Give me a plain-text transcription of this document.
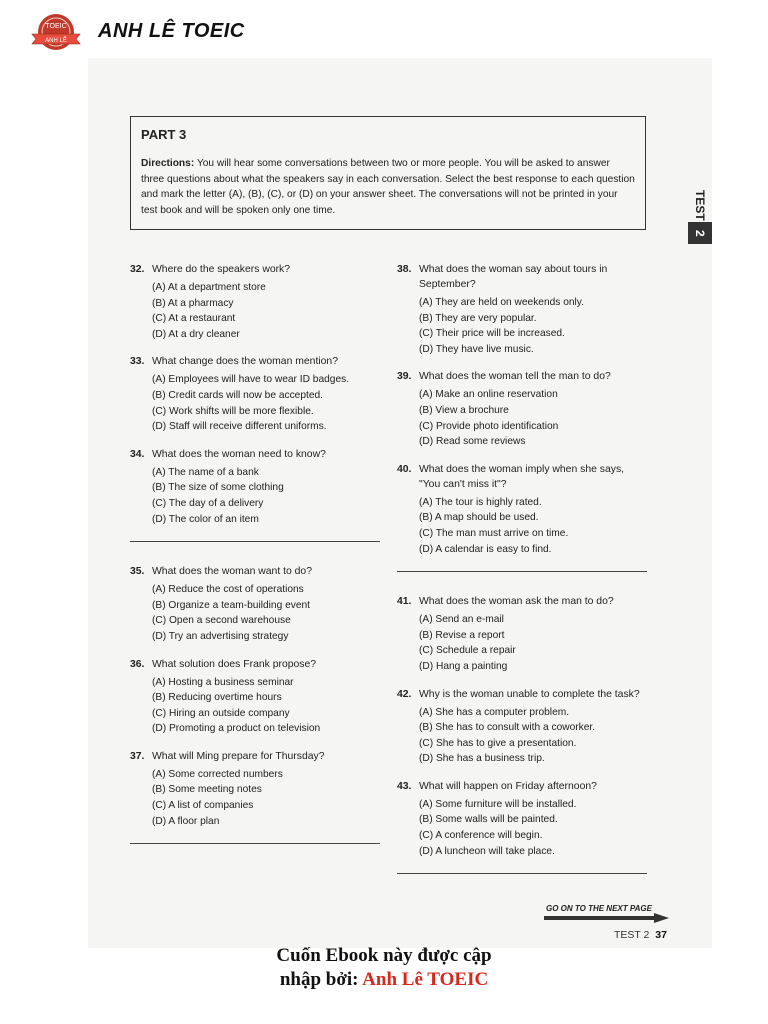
TOEIC
ANH LÊ ANH LÊ TOEIC
PART 3

Directions: You will hear some conversations between two or more people. You will be asked to answer three questions about what the speakers say in each conversation. Select the best response to each question and mark the letter (A), (B), (C), or (D) on your answer sheet. The conversations will not be printed in your test book and will be spoken only one time.	TEST
2
32. Where do the speakers work?
(A) At a department store
(B) At a pharmacy
(C) At a restaurant
(D) At a dry cleaner
33. What change does the woman mention?
(A) Employees will have to wear ID badges.
(B) Credit cards will now be accepted.
(C) Work shifts will be more flexible.
(D) Staff will receive different uniforms.
34. What does the woman need to know?
(A) The name of a bank
(B) The size of some clothing
(C) The day of a delivery
(D) The color of an item
35. What does the woman want to do?
(A) Reduce the cost of operations
(B) Organize a team-building event
(C) Open a second warehouse
(D) Try an advertising strategy
36. What solution does Frank propose?
(A) Hosting a business seminar
(B) Reducing overtime hours
(C) Hiring an outside company
(D) Promoting a product on television
37. What will Ming prepare for Thursday?
(A) Some corrected numbers
(B) Some meeting notes
(C) A list of companies
(D) A floor plan
38. What does the woman say about tours in September?
(A) They are held on weekends only.
(B) They are very popular.
(C) Their price will be increased.
(D) They have live music.
39. What does the woman tell the man to do?
(A) Make an online reservation
(B) View a brochure
(C) Provide photo identification
(D) Read some reviews
40. What does the woman imply when she says, "You can't miss it"?
(A) The tour is highly rated.
(B) A map should be used.
(C) The man must arrive on time.
(D) A calendar is easy to find.
41. What does the woman ask the man to do?
(A) Send an e-mail
(B) Revise a report
(C) Schedule a repair
(D) Hang a painting
42. Why is the woman unable to complete the task?
(A) She has a computer problem.
(B) She has to consult with a coworker.
(C) She has to give a presentation.
(D) She has a business trip.
43. What will happen on Friday afternoon?
(A) Some furniture will be installed.
(B) Some walls will be painted.
(C) A conference will begin.
(D) A luncheon will take place.
GO ON TO THE NEXT PAGE
TEST 2 37
Cuốn Ebook này được cập
nhập bởi: Anh Lê TOEIC
